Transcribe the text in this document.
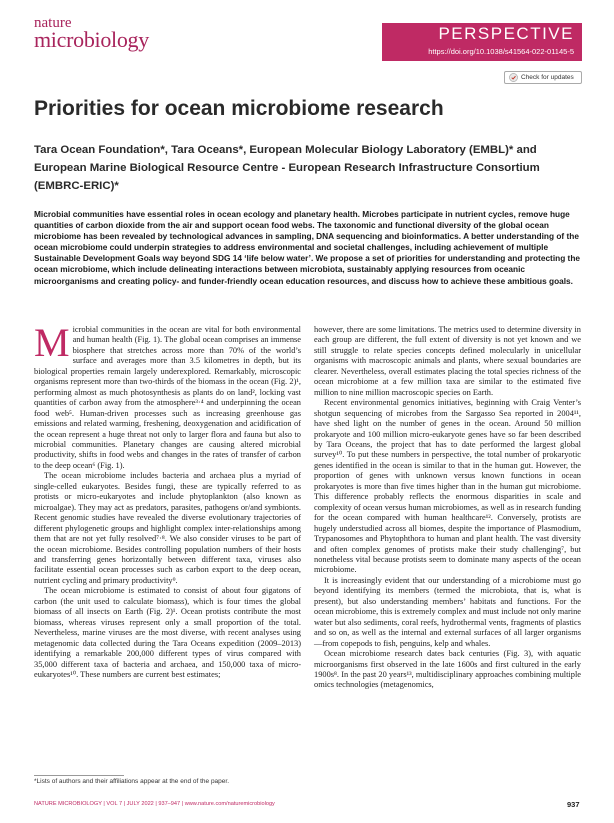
nature
microbiology	PERSPECTIVE
https://doi.org/10.1038/s41564-022-01145-5
Check for updates
Priorities for ocean microbiome research
Tara Ocean Foundation*, Tara Oceans*, European Molecular Biology Laboratory (EMBL)* and European Marine Biological Resource Centre - European Research Infrastructure Consortium (EMBRC-ERIC)*
Microbial communities have essential roles in ocean ecology and planetary health. Microbes participate in nutrient cycles, remove huge quantities of carbon dioxide from the air and support ocean food webs. The taxonomic and functional diversity of the global ocean microbiome has been revealed by technological advances in sampling, DNA sequencing and bioinformatics. A better understanding of the ocean microbiome could underpin strategies to address environmental and societal challenges, including achievement of multiple Sustainable Development Goals way beyond SDG 14 ‘life below water’. We propose a set of priorities for understanding and protecting the ocean microbiome, which include delineating interactions between microbiota, sustainably applying resources from oceanic microorganisms and creating policy- and funder-friendly ocean education resources, and discuss how to achieve these ambitious goals.

Microbial communities in the ocean are vital for both environmental and human health (Fig. 1). The global ocean comprises an immense biosphere that stretches across more than 70% of the world’s surface and averages more than 3.5 kilometres in depth, but its biological properties remain largely underexplored. Remarkably, microscopic organisms represent more than two-thirds of the biomass in the ocean (Fig. 2)¹, performing almost as much photosynthesis as plants do on land², locking vast quantities of carbon away from the atmosphere³·⁴ and underpinning the ocean food web⁵. Human-driven processes such as increasing greenhouse gas emissions and related warming, freshening, deoxygenation and acidification of the ocean represent a huge threat not only to larger flora and fauna but also to microbial communities. Planetary changes are causing altered microbial productivity, shifts in food webs and changes in the rates of transfer of carbon to the deep ocean⁶ (Fig. 1).

The ocean microbiome includes bacteria and archaea plus a myriad of single-celled eukaryotes. Besides fungi, these are typically referred to as protists or micro-eukaryotes and include phytoplankton (also known as microalgae). They may act as predators, parasites, pathogens or/and symbionts. Recent genomic studies have revealed the diverse evolutionary trajectories of different phylogenetic groups and highlight complex inter-relationships among them that are not yet fully resolved⁷·⁸. We also consider viruses to be part of the ocean microbiome. Besides controlling population numbers of their hosts and transferring genes horizontally between different taxa, viruses also facilitate essential ocean processes such as carbon export to the deep ocean, nutrient cycling and primary productivity⁹.

The ocean microbiome is estimated to consist of about four gigatons of carbon (the unit used to calculate biomass), which is four times the global biomass of all insects on Earth (Fig. 2)¹. Ocean protists contribute the most biomass, whereas viruses represent only a small proportion of the total. Nevertheless, marine viruses are the most diverse, with recent analyses using metagenomic data collected during the Tara Oceans expedition (2009–2013) identifying a remarkable 200,000 different types of virus compared with 35,000 different taxa of bacteria and archaea, and 150,000 taxa of micro-eukaryotes¹⁰. These numbers are current best estimates;

however, there are some limitations. The metrics used to determine diversity in each group are different, the full extent of diversity is not yet known and we still struggle to relate species concepts defined molecularly in unicellular organisms with macroscopic animals and plants, where sexual boundaries are clearer. Nevertheless, overall estimates placing the total species richness of the ocean microbiome at a few million taxa are similar to the estimated five million to nine million macroscopic species on Earth.

Recent environmental genomics initiatives, beginning with Craig Venter’s shotgun sequencing of microbes from the Sargasso Sea reported in 2004¹¹, have shed light on the number of genes in the ocean. Around 50 million prokaryote and 100 million micro-eukaryote genes have so far been described by Tara Oceans, the project that has to date performed the largest global survey¹⁰. To put these numbers in perspective, the total number of prokaryotic genes identified in the ocean is similar to that in the human gut. However, the proportion of genes with unknown versus known functions in ocean prokaryotes is more than five times higher than in the human gut microbiome. This difference probably reflects the enormous disparities in scale and complexity of ocean versus human microbiomes, as well as in research funding for the ocean compared with human healthcare¹². Conversely, protists are hugely understudied across all biomes, despite the importance of Plasmodium, Trypanosomes and Phytophthora to human and plant health. The vast diversity and often complex genomes of protists make their study challenging⁷, but nonetheless vital because protists seem to dominate many aspects of the ocean microbiome.

It is increasingly evident that our understanding of a microbiome must go beyond identifying its members (termed the microbiota, that is, what is present), but also understanding members’ habitats and functions. For the ocean microbiome, this is extremely complex and must include not only marine water but also sediments, coral reefs, hydrothermal vents, fragments of plastics and so on, as well as the internal and external surfaces of all larger organisms—from copepods to fish, penguins, kelp and whales.

Ocean microbiome research dates back centuries (Fig. 3), with aquatic microorganisms first observed in the late 1600s and first cultured in the early 1900s⁸. In the past 20 years¹³, multidisciplinary approaches combining multiple omics technologies (metagenomics,

*Lists of authors and their affiliations appear at the end of the paper.
NATURE MICROBIOLOGY | VOL 7 | JULY 2022 | 937–947 | www.nature.com/naturemicrobiology	937
